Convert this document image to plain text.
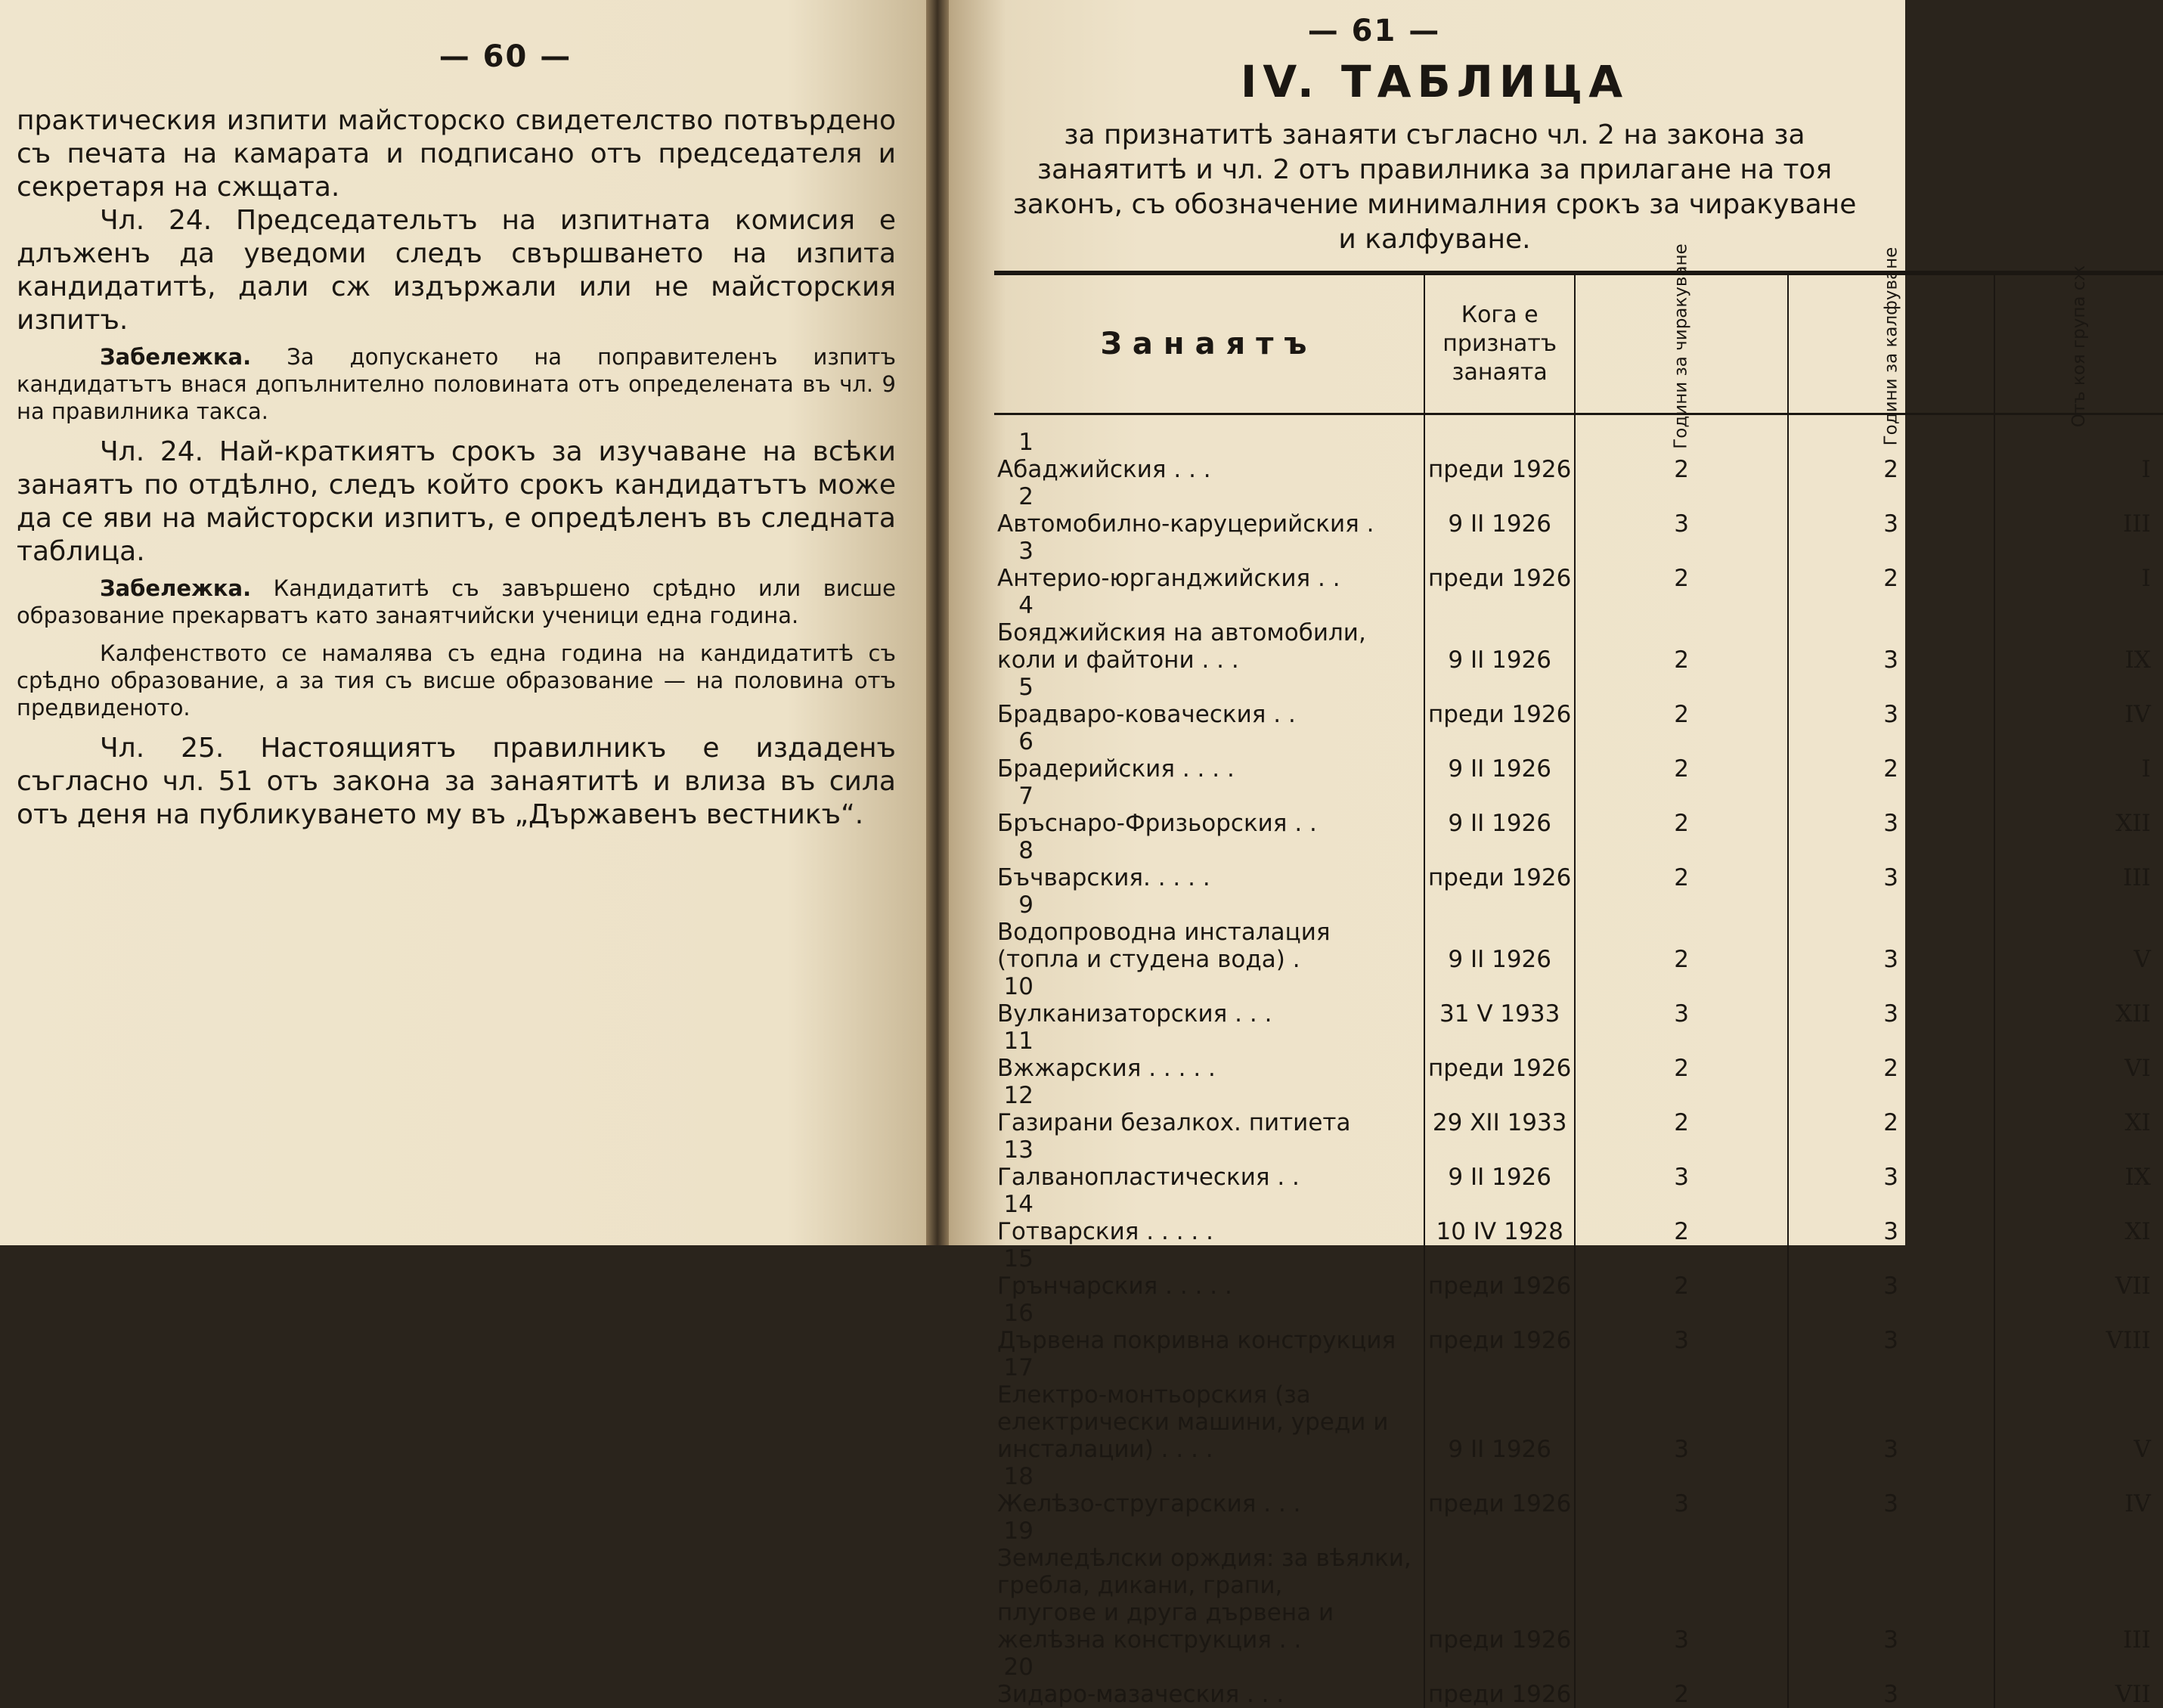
— 60 —

практическия изпити майсторско свидетелство потвърдено съ печата на камарата и подписано отъ председателя и секретаря на сжщата.

Чл. 24. Председательтъ на изпитната комисия е длъженъ да уведоми следъ свършването на изпита кандидатитѣ, дали сж издържали или не майсторския изпитъ.

Забележка. За допускането на поправителенъ изпитъ кандидатътъ внася допълнително половината отъ определената въ чл. 9 на правилника такса.

Чл. 24. Най-краткиятъ срокъ за изучаване на всѣки занаятъ по отдѣлно, следъ който срокъ кандидатътъ може да се яви на майсторски изпитъ, е опредѣленъ въ следната таблица.

Забележка. Кандидатитѣ съ завършено срѣдно или висше образование прекарватъ като занаятчийски ученици една година.

Калфенството се намалява съ една година на кандидатитѣ съ срѣдно образование, а за тия съ висше образование — на половина отъ предвиденото.

Чл. 25. Настоящиятъ правилникъ е издаденъ съгласно чл. 51 отъ закона за занаятитѣ и влиза въ сила отъ деня на публикуването му въ „Държавенъ вестникъ“.

— 61 —
IV. ТАБЛИЦА

за признатитѣ занаяти съгласно чл. 2 на закона за занаятитѣ и чл. 2 отъ правилника за прилагане на тоя законъ, съ обозначение минималния срокъ за чиракуване и калфуване.

Занаятъ	Кога е признатъ занаята	Години за чиракуване	Години за калфуване	Отъ коя група сж
1Абаджийския . . .	преди 1926	2	2	I
2Автомобилно-каруцерийския .	9 II 1926	3	3	III
3Антерио-юрганджийския . .	преди 1926	2	2	I
4Бояджийския на автомобили,
коли и файтони . . .	9 II 1926	2	3	IX
5Брадваро-коваческия . .	преди 1926	2	3	IV
6Брадерийския . . . .	9 II 1926	2	2	I
7Бръснаро-Фризьорския . .	9 II 1926	2	3	XII
8Бъчварския. . . . .	преди 1926	2	3	III
9Водопроводна инсталация
(топла и студена вода) .	9 II 1926	2	3	V
10Вулканизаторския . . .	31 V 1933	3	3	XII
11Вжжарския . . . . .	преди 1926	2	2	VI
12Газирани безалкох. питиета	29 XII 1933	2	2	XI
13Галванопластическия . .	9 II 1926	3	3	IX
14Готварския . . . . .	10 IV 1928	2	3	XI
15Грънчарския . . . . .	преди 1926	2	3	VII
16Дървена покривна конструкция	преди 1926	3	3	VIII
17Електро-монтьорския (за електрически машини, уреди и
инсталации) . . . .	9 II 1926	3	3	V
18Желѣзо-стругарския . . .	преди 1926	3	3	IV
19Земледѣлски орждия: за вѣялки, гребла, дикани, грапи,
плугове и друга дървена и
желѣзна конструкция . .	преди 1926	3	3	III
20Зидаро-мазаческия . . .	преди 1926	2	3	VII
